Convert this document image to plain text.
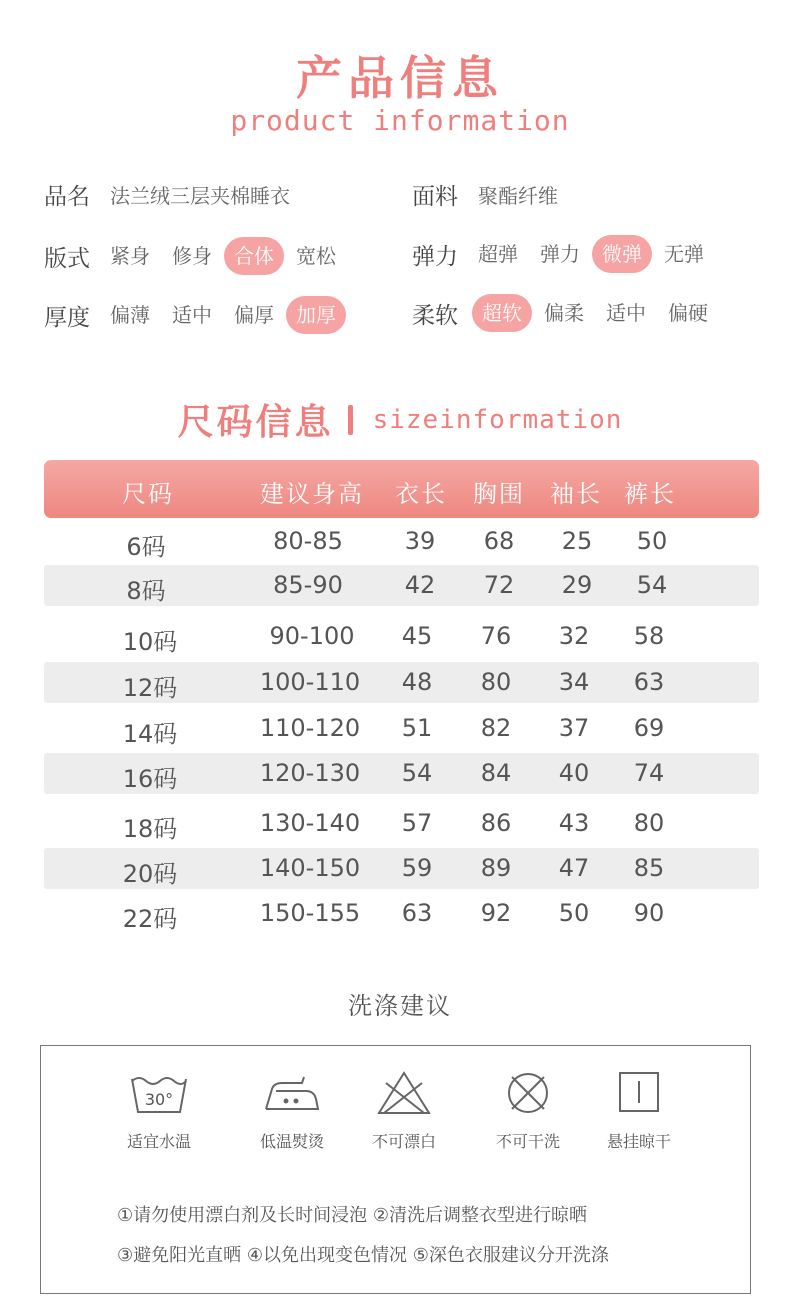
产品信息
product information
品名 法兰绒三层夹棉睡衣	面料 聚酯纤维
版式 紧身 修身	合体	宽松	弹力 超弹 弹力	微弹	无弹
厚度 偏薄 适中 偏厚	加厚	柔软	超软	偏柔 适中 偏硬
尺码信息 sizeinformation
尺码	建议身高 衣长 胸围 袖长 裤长
6码	80-85	39 68 25 50
8码	85-90	42 72 29 54
10码	90-100 45 76 32 58
12码	100-110 48 80 34 63
14码	110-120 51 82 37 69
16码	120-130 54 84 40 74
18码	130-140 57 86 43 80
20码	140-150 59 89 47 85
22码	150-155 63 92 50 90
洗涤建议
30°
适宜水温	低温熨烫	不可漂白	不可干洗	悬挂晾干
①请勿使用漂白剂及长时间浸泡 ②清洗后调整衣型进行晾晒
③避免阳光直晒 ④以免出现变色情况 ⑤深色衣服建议分开洗涤
